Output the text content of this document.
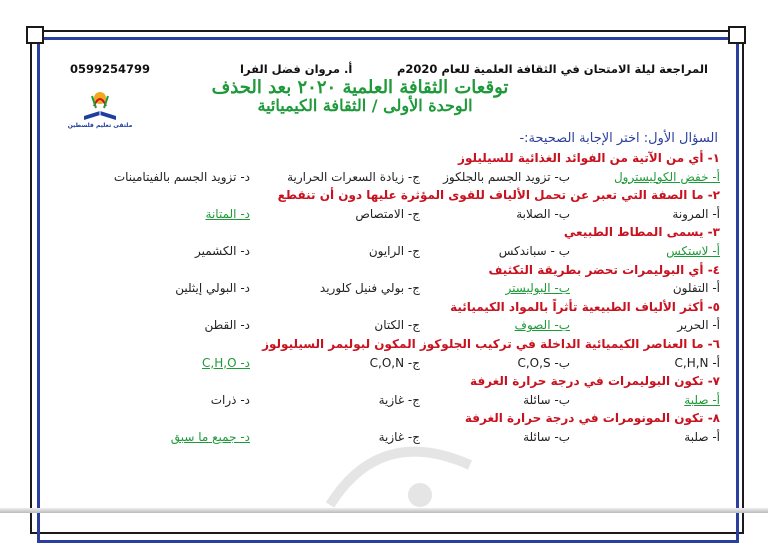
المراجعة ليلة الامتحان في الثقافة العلمية للعام 2020م
أ. مروان فضل الفرا
0599254799
توقعات الثقافة العلمية ٢٠٢٠ بعد الحذف
الوحدة الأولى / الثقافة الكيميائية
ملتقى تعليم فلسطين
السؤال الأول: اختر الإجابة الصحيحة:-
١- أي من الآتية من الفوائد الغذائية للسيليلوز
أ- خفض الكوليسترول
ب- تزويد الجسم بالجلكوز
ج- زيادة السعرات الحرارية
د- تزويد الجسم بالفيتامينات
٢- ما الصفة التي تعبر عن تحمل الألياف للقوى المؤثرة عليها دون أن تنقطع
أ- المرونة
ب- الصلابة
ج- الامتصاص
د- المتانة
٣- يسمى المطاط الطبيعي
أ- لاستكس
ب - سباندكس
ج- الرايون
د- الكشمير
٤- أي البوليمرات تحضر بطريقة التكثيف
أ- التفلون
ب- البوليستر
ج- بولي فنيل كلوريد
د- البولي إيثلين
٥- أكثر الألياف الطبيعية تأثراً بالمواد الكيميائية
أ- الحرير
ب- الصوف
ج- الكتان
د- القطن
٦- ما العناصر الكيميائية الداخلة في تركيب الجلوكوز المكون لبوليمر السيليولوز
C,H,N -أ
C,O,S -ب
C,O,N -ج
C,H,O -د
٧- تكون البوليمرات في درجة حرارة الغرفة
أ- صلبة
ب- سائلة
ج- غازية
د- ذرات
٨- تكون المونومرات في درجة حرارة الغرفة
أ- صلبة
ب- سائلة
ج- غازية
د- جميع ما سبق
